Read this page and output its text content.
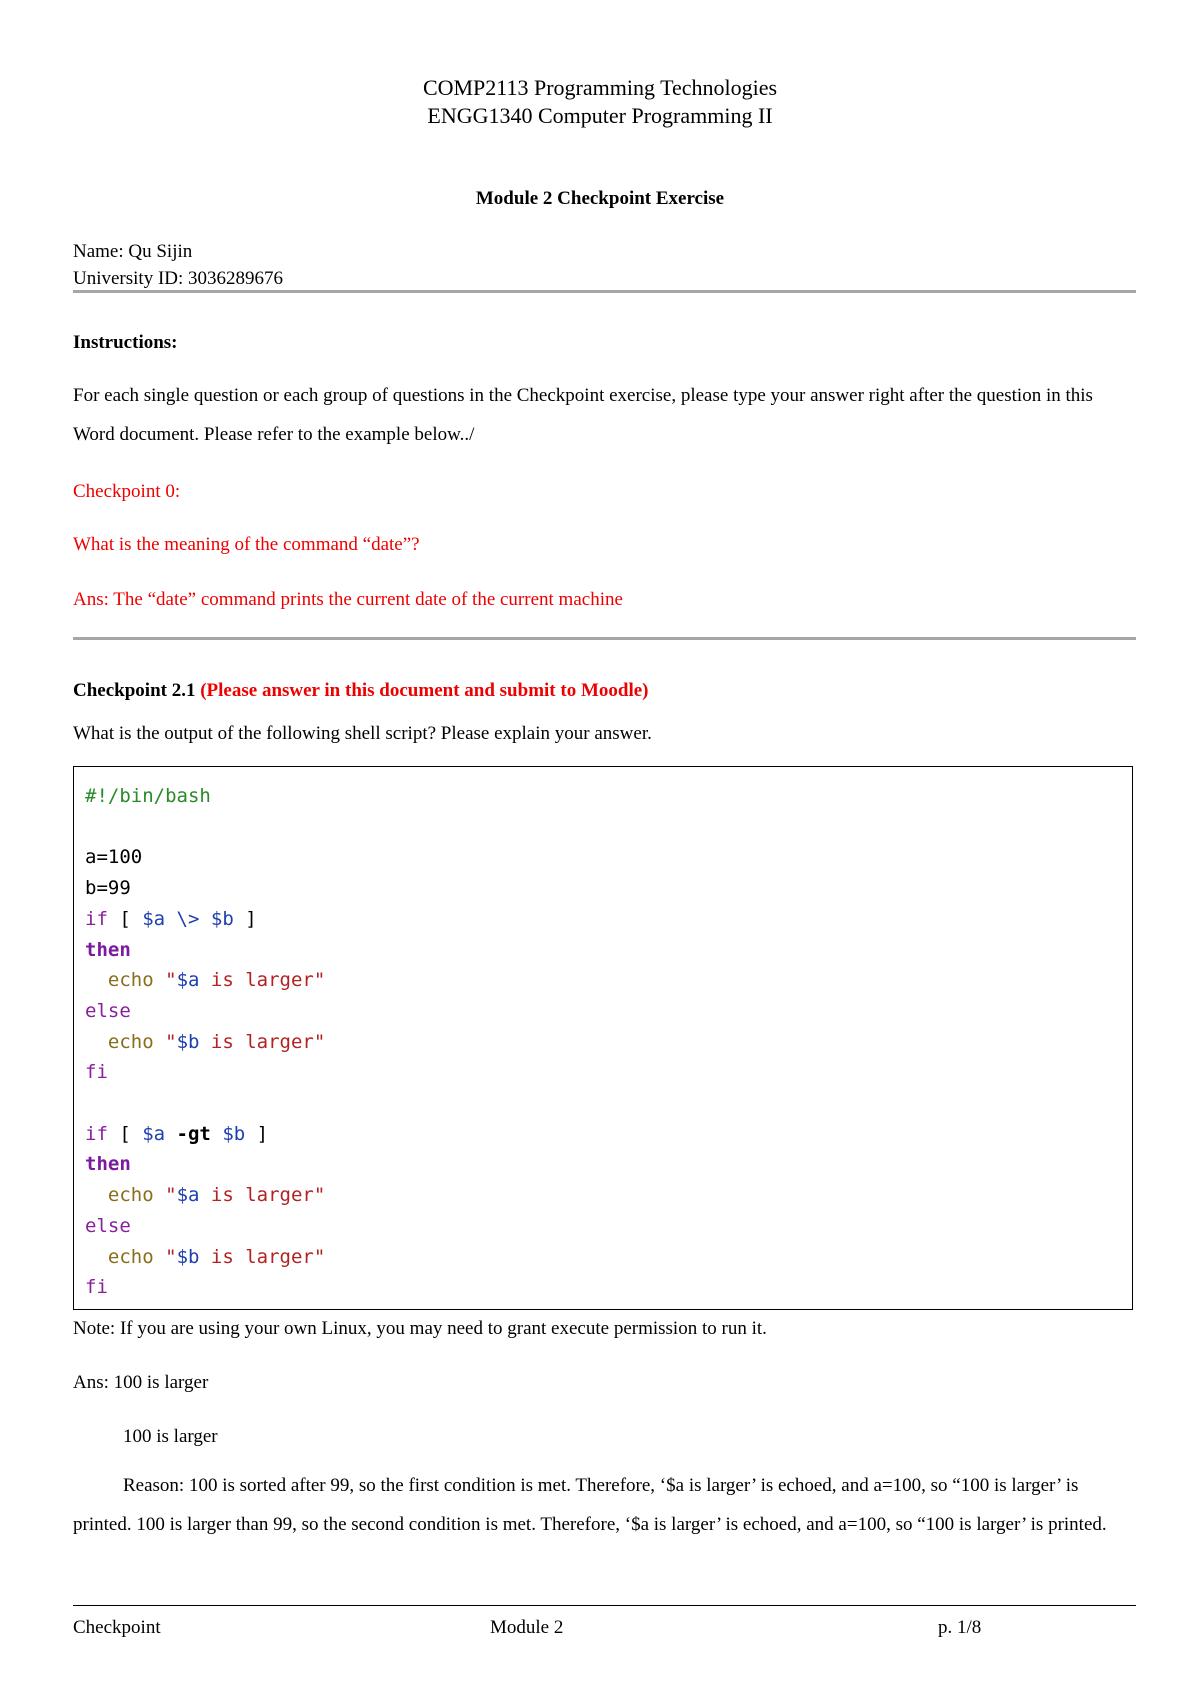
COMP2113 Programming Technologies
ENGG1340 Computer Programming II
Module 2 Checkpoint Exercise
Name: Qu Sijin
University ID: 3036289676
Instructions:
For each single question or each group of questions in the Checkpoint exercise, please type your answer right after the question in this Word document. Please refer to the example below../
Checkpoint 0:
What is the meaning of the command “date”?
Ans: The “date” command prints the current date of the current machine
Checkpoint 2.1 (Please answer in this document and submit to Moodle)
What is the output of the following shell script? Please explain your answer.
#!/bin/bash

a=100
b=99
if [ $a \> $b ]
then
echo "$a is larger"
else
echo "$b is larger"
fi

if [ $a -gt $b ]
then
echo "$a is larger"
else
echo "$b is larger"
fi
Note: If you are using your own Linux, you may need to grant execute permission to run it.
Ans: 100 is larger
100 is larger
Reason: 100 is sorted after 99, so the first condition is met. Therefore, ‘$a is larger’ is echoed, and a=100, so “100 is larger’ is printed. 100 is larger than 99, so the second condition is met. Therefore, ‘$a is larger’ is echoed, and a=100, so “100 is larger’ is printed.
Checkpoint	Module 2	p. 1/8
